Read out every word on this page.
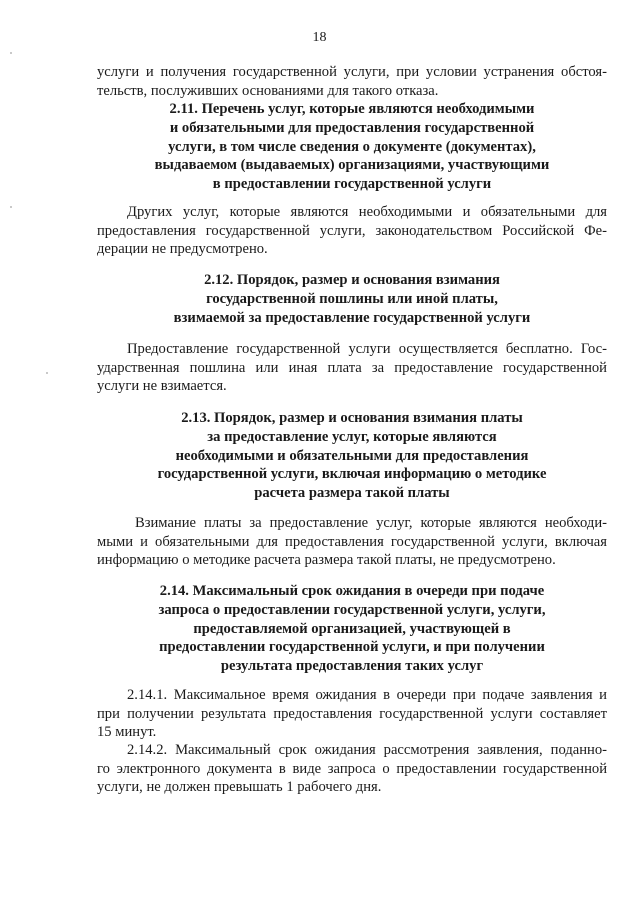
18

услуги и получения государственной услуги, при условии устранения обстоя-
тельств, послуживших основаниями для такого отказа.

2.11. Перечень услуг, которые являются необходимыми
и обязательными для предоставления государственной
услуги, в том числе сведения о документе (документах),
выдаваемом (выдаваемых) организациями, участвующими
в предоставлении государственной услуги

Других услуг, которые являются необходимыми и обязательными для
предоставления государственной услуги, законодательством Российской Фе-
дерации не предусмотрено.

2.12. Порядок, размер и основания взимания
государственной пошлины или иной платы,
взимаемой за предоставление государственной услуги

Предоставление государственной услуги осуществляется бесплатно. Гос-
ударственная пошлина или иная плата за предоставление государственной
услуги не взимается.

2.13. Порядок, размер и основания взимания платы
за предоставление услуг, которые являются
необходимыми и обязательными для предоставления
государственной услуги, включая информацию о методике
расчета размера такой платы

Взимание платы за предоставление услуг, которые являются необходи-
мыми и обязательными для предоставления государственной услуги, включая
информацию о методике расчета размера такой платы, не предусмотрено.

2.14. Максимальный срок ожидания в очереди при подаче
запроса о предоставлении государственной услуги, услуги,
предоставляемой организацией, участвующей в
предоставлении государственной услуги, и при получении
результата предоставления таких услуг

2.14.1. Максимальное время ожидания в очереди при подаче заявления и
при получении результата предоставления государственной услуги составляет
15 минут.

2.14.2. Максимальный срок ожидания рассмотрения заявления, поданно-
го электронного документа в виде запроса о предоставлении государственной
услуги, не должен превышать 1 рабочего дня.
